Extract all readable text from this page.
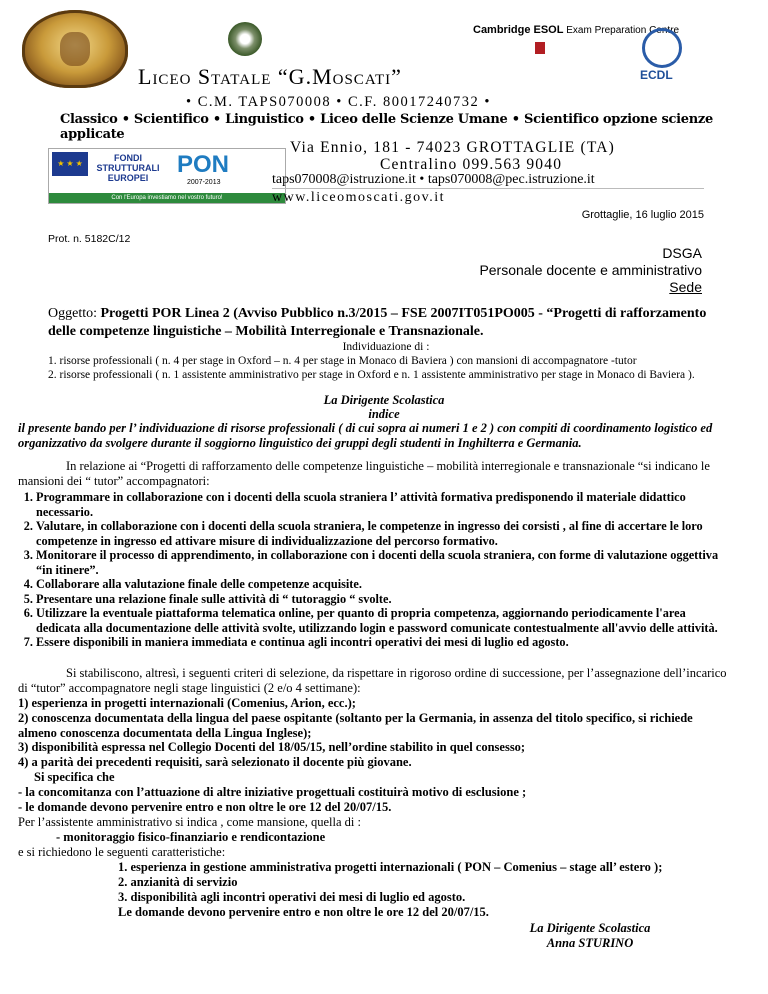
Cambridge ESOL Exam Preparation Centre
ECDL
Liceo Statale “G.Moscati”
• C.M. TAPS070008 • C.F. 80017240732 •
Classico • Scientifico • Linguistico • Liceo delle Scienze Umane • Scientifico opzione scienze applicate
★ ★ ★
FONDI STRUTTURALI EUROPEI	PON
2007-2013
Con l'Europa investiamo nel vostro futuro!
Via Ennio, 181 - 74023 GROTTAGLIE (TA)
Centralino 099.563 9040
taps070008@istruzione.it • taps070008@pec.istruzione.it
www.liceomoscati.gov.it
Grottaglie, 16 luglio 2015
Prot. n. 5182C/12
DSGA
Personale docente e amministrativo
Sede
Oggetto: Progetti POR Linea 2 (Avviso Pubblico n.3/2015 – FSE 2007IT051PO005 - “Progetti di rafforzamento delle competenze linguistiche – Mobilità Interregionale e Transnazionale.
Individuazione di :
1. risorse professionali ( n. 4 per stage in Oxford – n. 4 per stage in Monaco di Baviera ) con mansioni di accompagnatore -tutor
2. risorse professionali ( n. 1 assistente amministrativo per stage in Oxford e n. 1 assistente amministrativo per stage in Monaco di Baviera ).
La Dirigente Scolastica
indice
il presente bando per l’ individuazione di risorse professionali ( di cui sopra ai numeri 1 e 2 ) con compiti di coordinamento logistico ed organizzativo da svolgere durante il soggiorno linguistico dei gruppi degli studenti in Inghilterra e Germania.
In relazione ai “Progetti di rafforzamento delle competenze linguistiche – mobilità interregionale e transnazionale “si indicano le mansioni dei “ tutor” accompagnatori:
1. Programmare in collaborazione con i docenti della scuola straniera l’ attività formativa predisponendo il materiale didattico necessario.
2. Valutare, in collaborazione con i docenti della scuola straniera, le competenze in ingresso dei corsisti , al fine di accertare le loro competenze in ingresso ed attivare misure di individualizzazione del percorso formativo.
3. Monitorare il processo di apprendimento, in collaborazione con i docenti della scuola straniera, con forme di valutazione oggettiva “in itinere”.
4. Collaborare alla valutazione finale delle competenze acquisite.
5. Presentare una relazione finale sulle attività di “ tutoraggio “ svolte.
6. Utilizzare la eventuale piattaforma telematica online, per quanto di propria competenza, aggiornando periodicamente l'area dedicata alla documentazione delle attività svolte, utilizzando login e password comunicate contestualmente all'avvio delle attività.
7. Essere disponibili in maniera immediata e continua agli incontri operativi dei mesi di luglio ed agosto.
Si stabiliscono, altresì, i seguenti criteri di selezione, da rispettare in rigoroso ordine di successione, per l’assegnazione dell’incarico di “tutor” accompagnatore negli stage linguistici (2 e/o 4 settimane):
1) esperienza in progetti internazionali (Comenius, Arion, ecc.);
2) conoscenza documentata della lingua del paese ospitante (soltanto per la Germania, in assenza del titolo specifico, si richiede almeno conoscenza documentata della Lingua Inglese);
3) disponibilità espressa nel Collegio Docenti del 18/05/15, nell’ordine stabilito in quel consesso;
4) a parità dei precedenti requisiti, sarà selezionato il docente più giovane.
Si specifica che
- la concomitanza con l’attuazione di altre iniziative progettuali costituirà motivo di esclusione ;
- le domande devono pervenire entro e non oltre le ore 12 del 20/07/15.
Per l’assistente amministrativo si indica , come mansione, quella di :
- monitoraggio fisico-finanziario e rendicontazione
e si richiedono le seguenti caratteristiche:
1. esperienza in gestione amministrativa progetti internazionali ( PON – Comenius – stage all’ estero );
2. anzianità di servizio
3. disponibilità agli incontri operativi dei mesi di luglio ed agosto.
Le domande devono pervenire entro e non oltre le ore 12 del 20/07/15.
La Dirigente Scolastica
Anna STURINO
